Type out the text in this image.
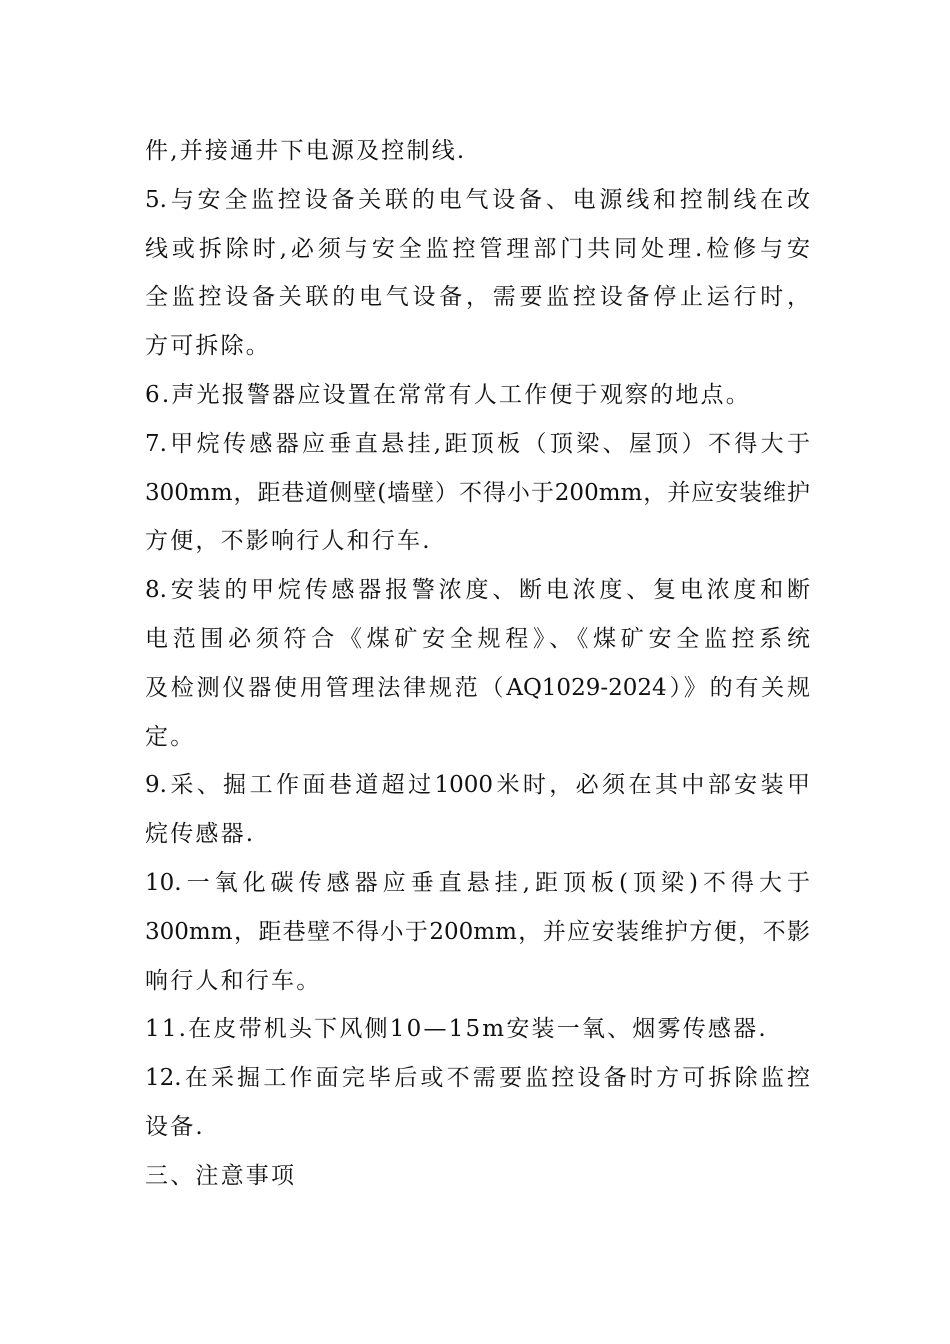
件,并接通井下电源及控制线.
5.与安全监控设备关联的电气设备、电源线和控制线在改
线或拆除时,必须与安全监控管理部门共同处理.检修与安
全监控设备关联的电气设备，需要监控设备停止运行时，
方可拆除。
6.声光报警器应设置在常常有人工作便于观察的地点。
7.甲烷传感器应垂直悬挂,距顶板（顶梁、屋顶）不得大于
300mm，距巷道侧壁(墙壁）不得小于200mm，并应安装维护
方便，不影响行人和行车.
8.安装的甲烷传感器报警浓度、断电浓度、复电浓度和断
电范围必须符合《煤矿安全规程》、《煤矿安全监控系统
及检测仪器使用管理法律规范（AQ1029-2024）》的有关规
定。
9.采、掘工作面巷道超过1000米时，必须在其中部安装甲
烷传感器.
10.一氧化碳传感器应垂直悬挂,距顶板(顶梁)不得大于
300mm，距巷壁不得小于200mm，并应安装维护方便，不影
响行人和行车。
11.在皮带机头下风侧10—15m安装一氧、烟雾传感器.
12.在采掘工作面完毕后或不需要监控设备时方可拆除监控
设备.
三、注意事项
